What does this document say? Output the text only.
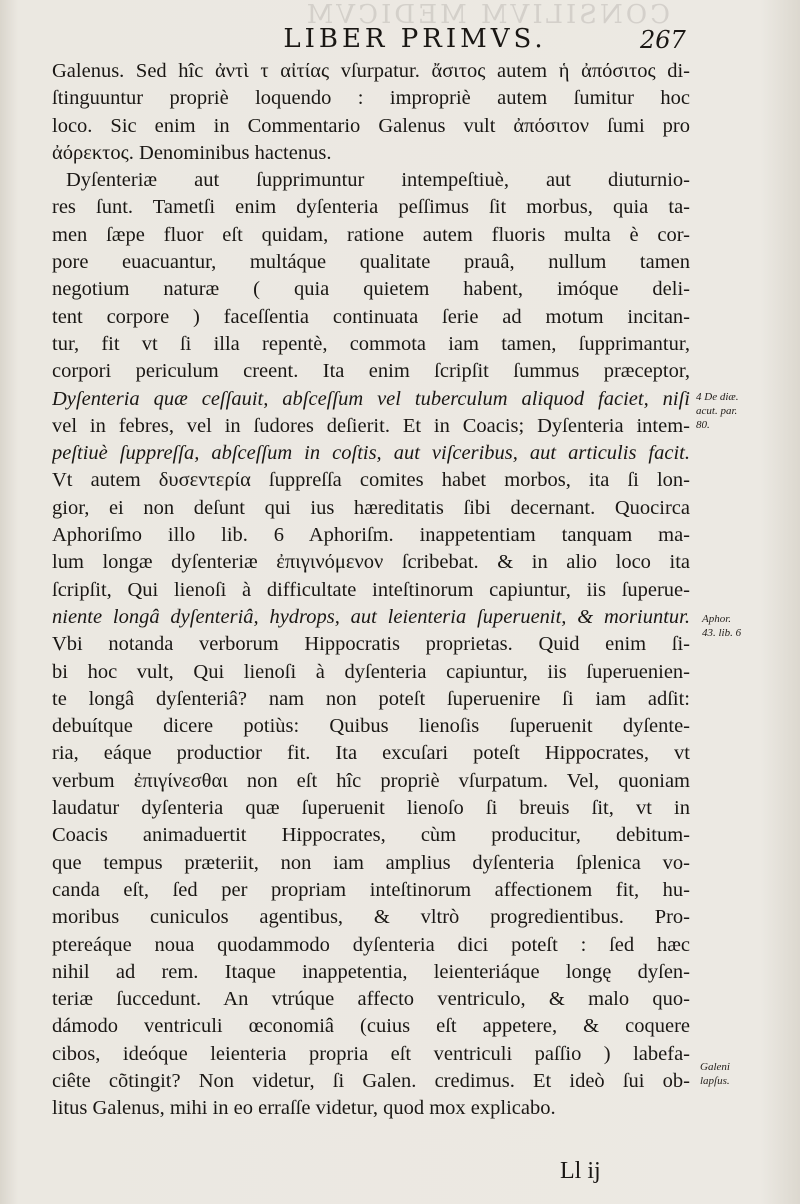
CONSILIVM MEDICVM
LIBER PRIMVS.	267
Galenus. Sed hîc ἀντὶ τ αἰτίας vſurpatur. ἄσιτος autem ἡ ἀπόσιτος di-
ſtinguuntur propriè loquendo : impropriè autem ſumitur hoc
loco. Sic enim in Commentario Galenus vult ἀπόσιτον ſumi pro
ἀόρεκτος. Denominibus hactenus.
Dyſenteriæ aut ſupprimuntur intempeſtiuè, aut diuturnio-
res ſunt. Tametſi enim dyſenteria peſſimus ſit morbus, quia ta-
men ſæpe fluor eſt quidam, ratione autem fluoris multa è cor-
pore euacuantur, multáque qualitate prauâ, nullum tamen
negotium naturæ ( quia quietem habent, imóque deli-
tent corpore ) faceſſentia continuata ſerie ad motum incitan-
tur, fit vt ſi illa repentè, commota iam tamen, ſupprimantur,
corpori periculum creent. Ita enim ſcripſit ſummus præceptor,
Dyſenteria quæ ceſſauit, abſceſſum vel tuberculum aliquod faciet, niſi
vel in febres, vel in ſudores deſierit. Et in Coacis; Dyſenteria intem-
peſtiuè ſuppreſſa, abſceſſum in coſtis, aut viſceribus, aut articulis facit.
Vt autem δυσεντερία ſuppreſſa comites habet morbos, ita ſi lon-
gior, ei non deſunt qui ius hæreditatis ſibi decernant. Quocirca
Aphoriſmo illo lib. 6 Aphoriſm. inappetentiam tanquam ma-
lum longæ dyſenteriæ ἐπιγινόμενον ſcribebat. & in alio loco ita
ſcripſit, Qui lienoſi à difficultate inteſtinorum capiuntur, iis ſuperue-
niente longâ dyſenteriâ, hydrops, aut leienteria ſuperuenit, & moriuntur.
Vbi notanda verborum Hippocratis proprietas. Quid enim ſi-
bi hoc vult, Qui lienoſi à dyſenteria capiuntur, iis ſuperuenien-
te longâ dyſenteriâ? nam non poteſt ſuperuenire ſi iam adſit:
debuítque dicere potiùs: Quibus lienoſis ſuperuenit dyſente-
ria, eáque productior fit. Ita excuſari poteſt Hippocrates, vt
verbum ἐπιγίνεσθαι non eſt hîc propriè vſurpatum. Vel, quoniam
laudatur dyſenteria quæ ſuperuenit lienoſo ſi breuis ſit, vt in
Coacis animaduertit Hippocrates, cùm producitur, debitum-
que tempus præteriit, non iam amplius dyſenteria ſplenica vo-
canda eſt, ſed per propriam inteſtinorum affectionem fit, hu-
moribus cuniculos agentibus, & vltrò progredientibus. Pro-
ptereáque noua quodammodo dyſenteria dici poteſt : ſed hæc
nihil ad rem. Itaque inappetentia, leienteriáque longę dyſen-
teriæ ſuccedunt. An vtrúque affecto ventriculo, & malo quo-
dámodo ventriculi œconomiâ (cuius eſt appetere, & coquere
cibos, ideóque leienteria propria eſt ventriculi paſſio ) labefa-
ciête cõtingit? Non videtur, ſi Galen. credimus. Et ideò ſui ob-
litus Galenus, mihi in eo erraſſe videtur, quod mox explicabo.
4 De diæ.
acut. par.
80.
Aphor.
43. lib. 6
Galeni
lapſus.
Ll ij
